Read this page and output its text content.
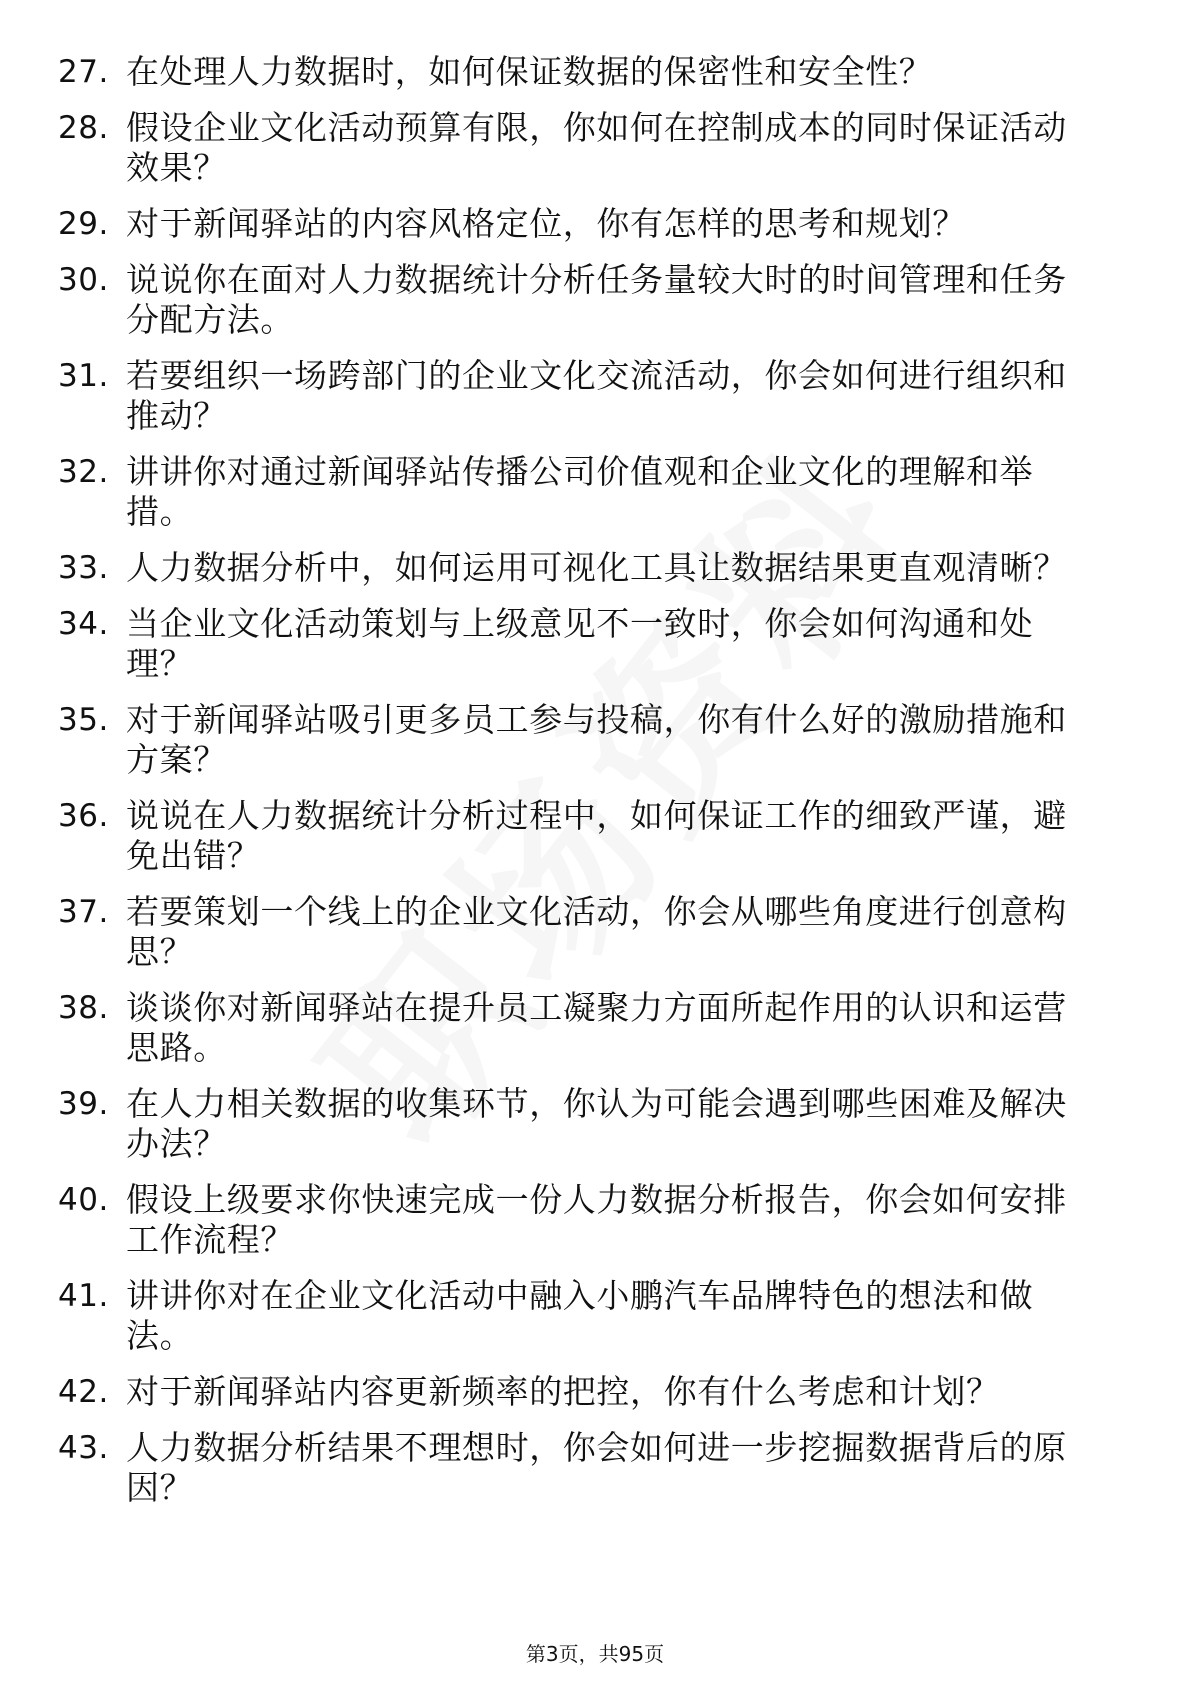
27. 在处理人力数据时，如何保证数据的保密性和安全性？
28. 假设企业文化活动预算有限，你如何在控制成本的同时保证活动
效果？
29. 对于新闻驿站的内容风格定位，你有怎样的思考和规划？
30. 说说你在面对人力数据统计分析任务量较大时的时间管理和任务
分配方法。
31. 若要组织一场跨部门的企业文化交流活动，你会如何进行组织和
推动？
32. 讲讲你对通过新闻驿站传播公司价值观和企业文化的理解和举
措。
33. 人力数据分析中，如何运用可视化工具让数据结果更直观清晰？
34. 当企业文化活动策划与上级意见不一致时，你会如何沟通和处
理？
35. 对于新闻驿站吸引更多员工参与投稿，你有什么好的激励措施和
方案？
36. 说说在人力数据统计分析过程中，如何保证工作的细致严谨，避
免出错？
37. 若要策划一个线上的企业文化活动，你会从哪些角度进行创意构
思？
38. 谈谈你对新闻驿站在提升员工凝聚力方面所起作用的认识和运营
思路。
39. 在人力相关数据的收集环节，你认为可能会遇到哪些困难及解决
办法？
40. 假设上级要求你快速完成一份人力数据分析报告，你会如何安排
工作流程？
41. 讲讲你对在企业文化活动中融入小鹏汽车品牌特色的想法和做
法。
42. 对于新闻驿站内容更新频率的把控，你有什么考虑和计划？
43. 人力数据分析结果不理想时，你会如何进一步挖掘数据背后的原
因？
第3页，共95页
